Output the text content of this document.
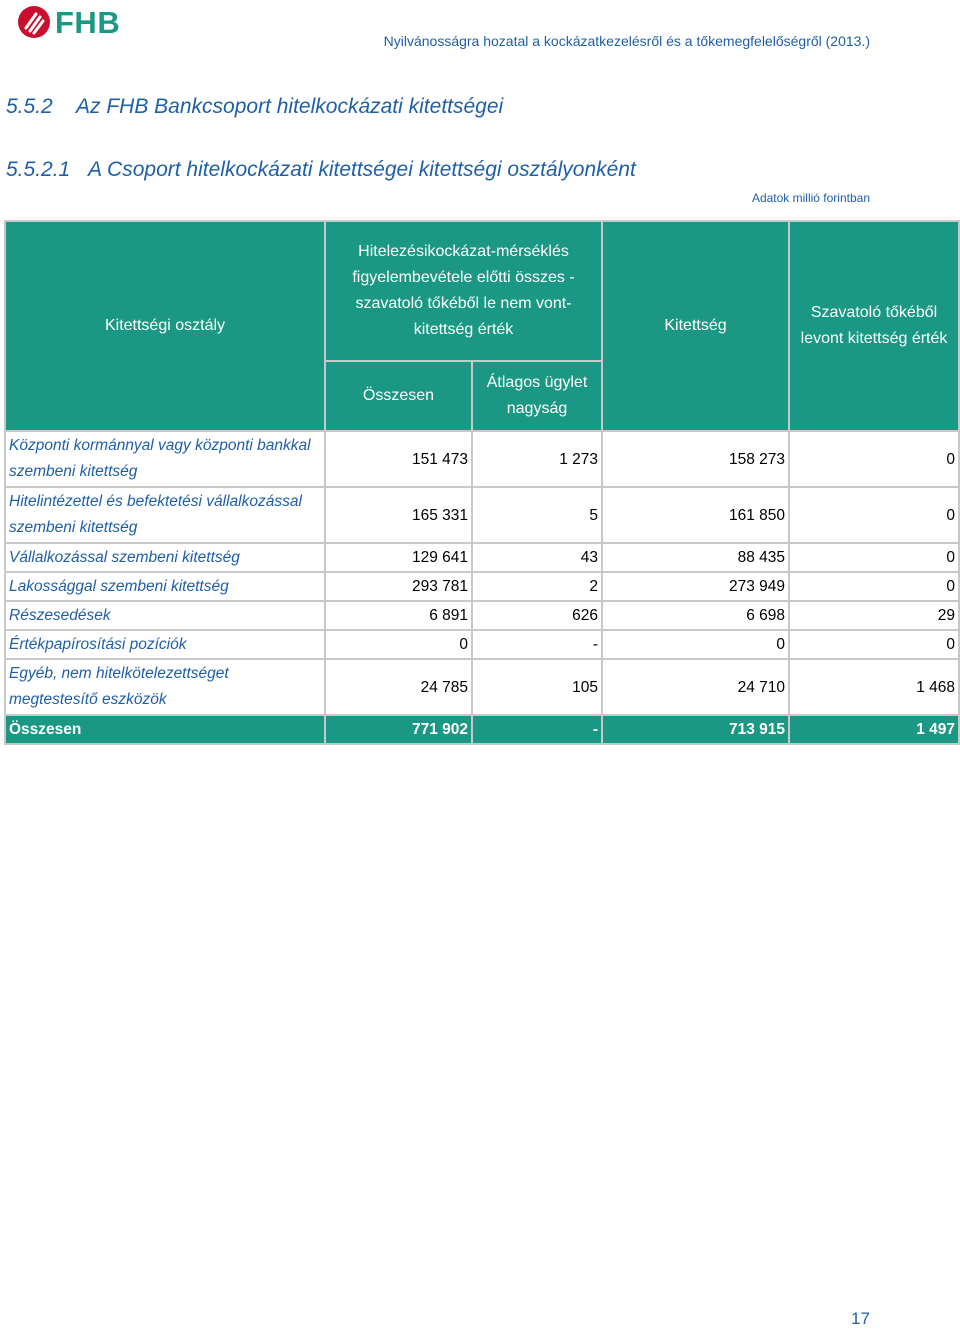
FHB
Nyilvánosságra hozatal a kockázatkezelésről és a tőkemegfelelőségről (2013.)
5.5.2 Az FHB Bankcsoport hitelkockázati kitettségei
5.5.2.1 A Csoport hitelkockázati kitettségei kitettségi osztályonként
Adatok millió forintban
Kitettségi osztály	Hitelezésikockázat-mérséklés figyelembevétele előtti összes - szavatoló tőkéből le nem vont-kitettség érték		Kitettség	Szavatoló tőkéből levont kitettség érték
	Összesen	Átlagos ügylet nagyság		
Központi kormánnyal vagy központi bankkal szembeni kitettség	151 473	1 273	158 273	0
Hitelintézettel és befektetési vállalkozással szembeni kitettség	165 331	5	161 850	0
Vállalkozással szembeni kitettség	129 641	43	88 435	0
Lakossággal szembeni kitettség	293 781	2	273 949	0
Részesedések	6 891	626	6 698	29
Értékpapírosítási pozíciók	0	-	0	0
Egyéb, nem hitelkötelezettséget megtestesítő eszközök	24 785	105	24 710	1 468
Összesen	771 902	-	713 915	1 497
17
